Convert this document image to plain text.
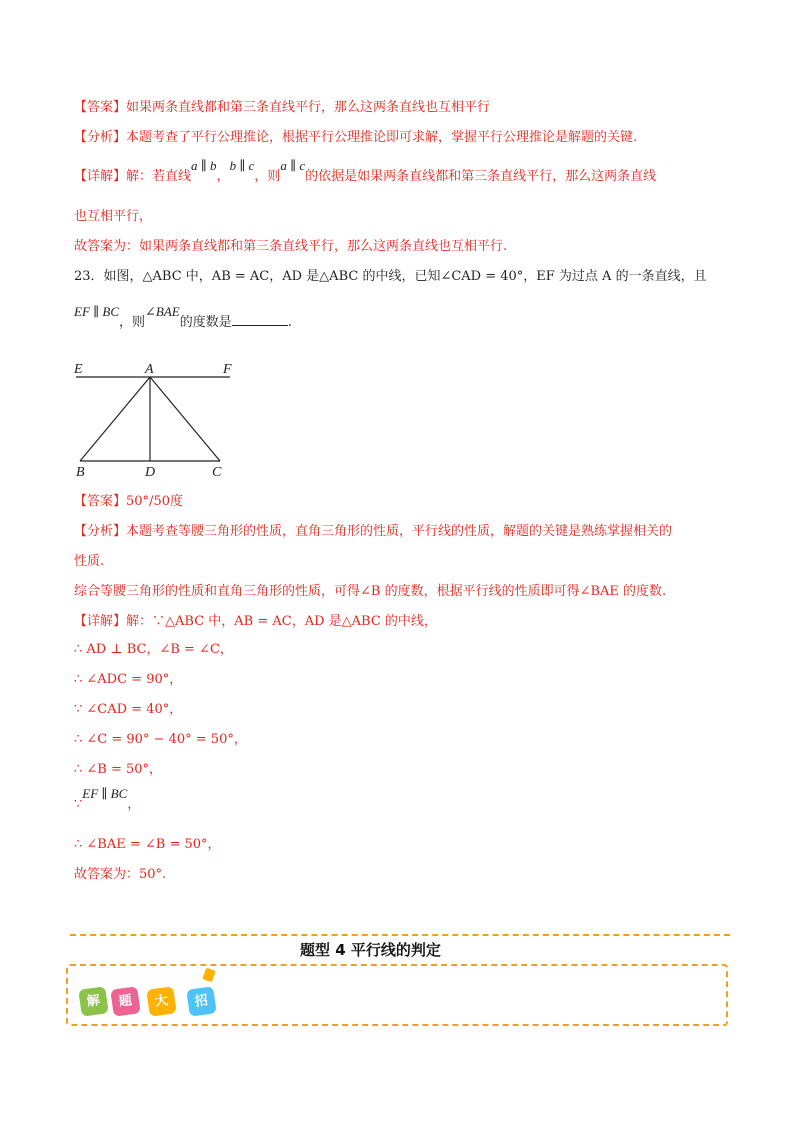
【答案】如果两条直线都和第三条直线平行，那么这两条直线也互相平行
【分析】本题考查了平行公理推论，根据平行公理推论即可求解，掌握平行公理推论是解题的关键.
【详解】解：若直线a ∥ b，b ∥ c，则a ∥ c的依据是如果两条直线都和第三条直线平行，那么这两条直线
也互相平行，
故答案为：如果两条直线都和第三条直线平行，那么这两条直线也互相平行.
23．如图，△ABC 中，AB = AC，AD 是△ABC 的中线，已知∠CAD = 40°，EF 为过点 A 的一条直线，且
EF ∥ BC，则∠BAE的度数是	.
E	A	F
B	D	C
【答案】50°/50度
【分析】本题考查等腰三角形的性质，直角三角形的性质，平行线的性质，解题的关键是熟练掌握相关的
性质.
综合等腰三角形的性质和直角三角形的性质，可得∠B 的度数，根据平行线的性质即可得∠BAE 的度数.
【详解】解：∵△ABC 中，AB = AC，AD 是△ABC 的中线，
∴ AD ⊥ BC，∠B = ∠C，
∴ ∠ADC = 90°，
∵ ∠CAD = 40°，
∴ ∠C = 90° − 40° = 50°，
∴ ∠B = 50°，
∵EF ∥ BC，
∴ ∠BAE = ∠B = 50°，
故答案为：50°.
题型 4 平行线的判定
解	题	大	招
